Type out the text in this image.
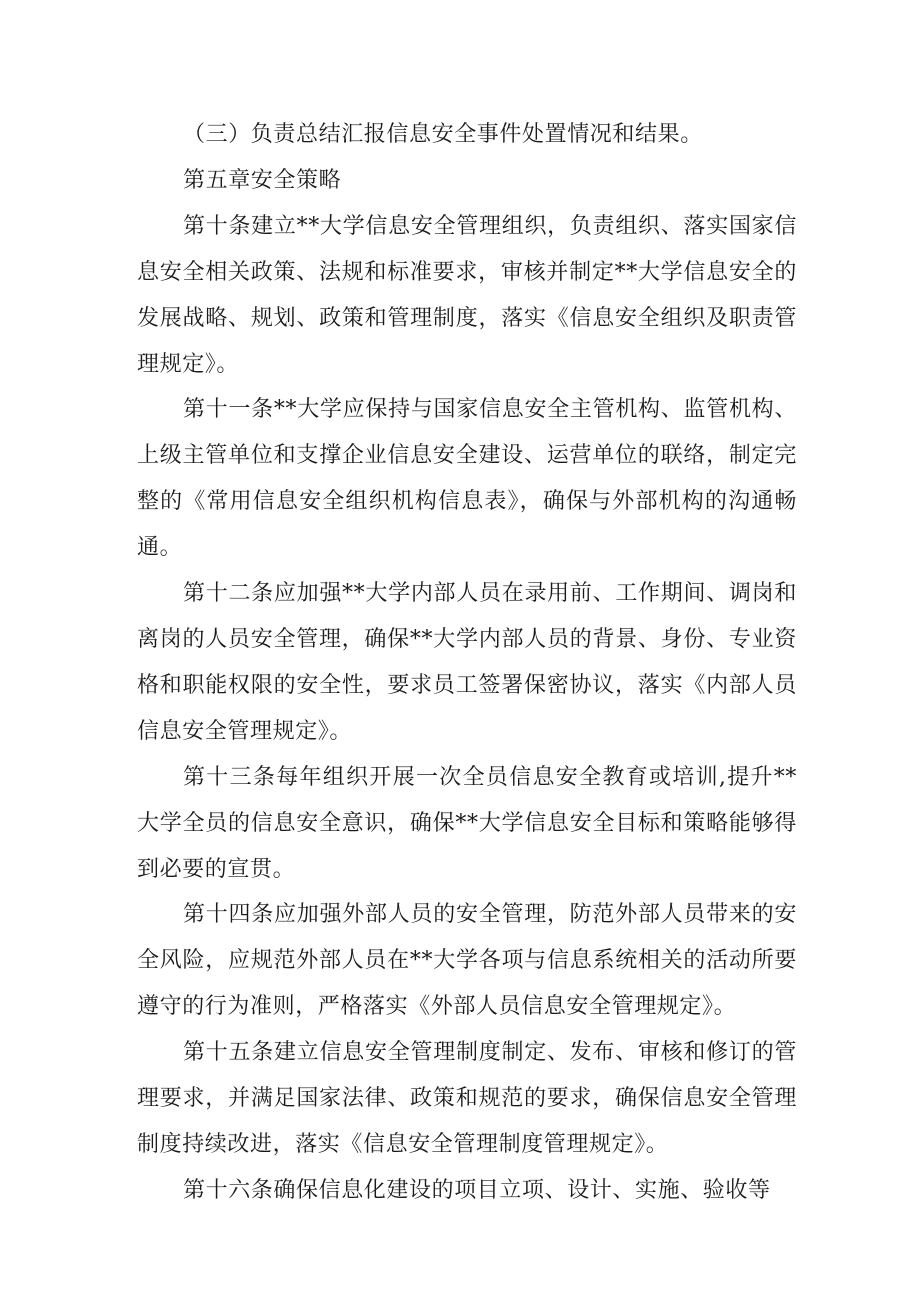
（三）负责总结汇报信息安全事件处置情况和结果。

第五章安全策略

第十条建立**大学信息安全管理组织，负责组织、落实国家信息安全相关政策、法规和标准要求，审核并制定**大学信息安全的发展战略、规划、政策和管理制度，落实《信息安全组织及职责管理规定》。

第十一条**大学应保持与国家信息安全主管机构、监管机构、上级主管单位和支撑企业信息安全建设、运营单位的联络，制定完整的《常用信息安全组织机构信息表》，确保与外部机构的沟通畅通。

第十二条应加强**大学内部人员在录用前、工作期间、调岗和离岗的人员安全管理，确保**大学内部人员的背景、身份、专业资格和职能权限的安全性，要求员工签署保密协议，落实《内部人员信息安全管理规定》。

第十三条每年组织开展一次全员信息安全教育或培训,提升**大学全员的信息安全意识，确保**大学信息安全目标和策略能够得到必要的宣贯。

第十四条应加强外部人员的安全管理，防范外部人员带来的安全风险，应规范外部人员在**大学各项与信息系统相关的活动所要遵守的行为准则，严格落实《外部人员信息安全管理规定》。

第十五条建立信息安全管理制度制定、发布、审核和修订的管理要求，并满足国家法律、政策和规范的要求，确保信息安全管理制度持续改进，落实《信息安全管理制度管理规定》。

第十六条确保信息化建设的项目立项、设计、实施、验收等
